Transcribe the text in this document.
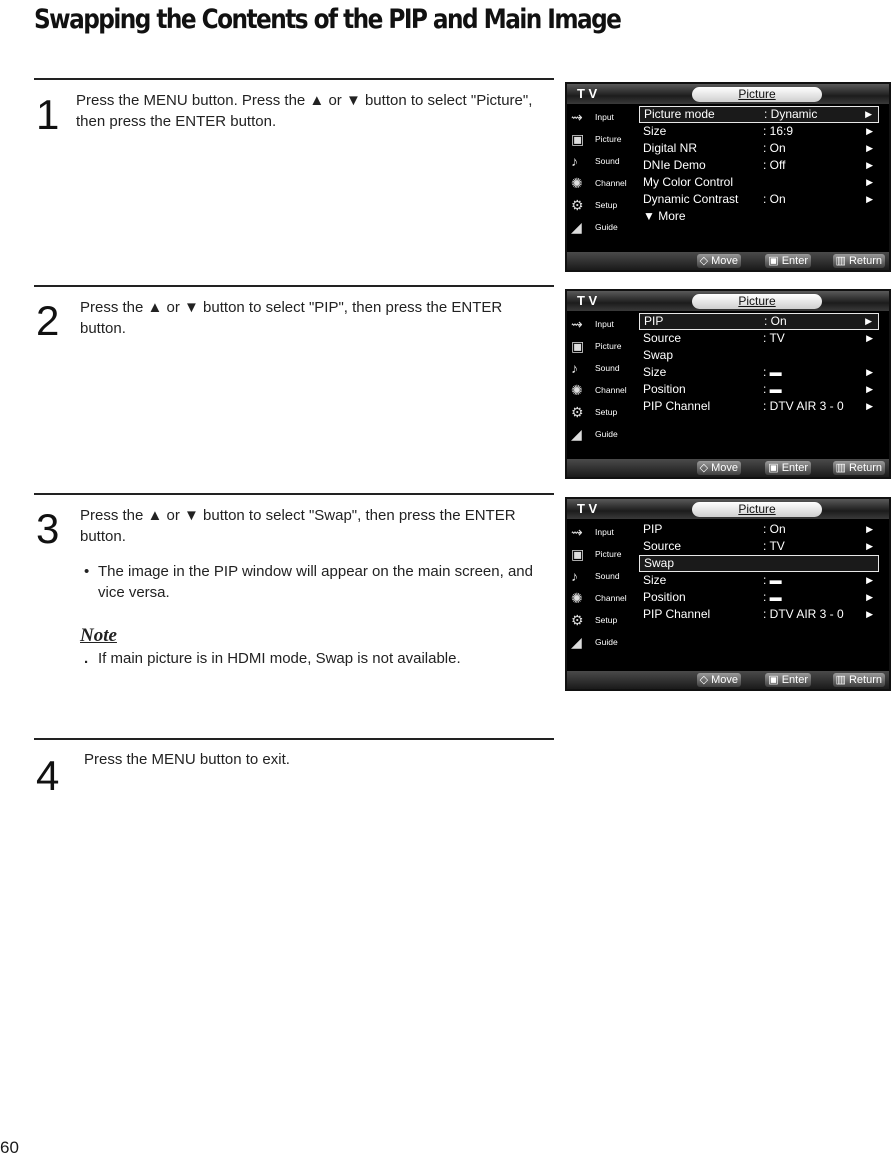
Swapping the Contents of the PIP and Main Image
1 Press the MENU button. Press the ▲ or ▼ button to select "Picture", then press the ENTER button.

2 Press the ▲ or ▼ button to select "PIP", then press the ENTER button.

3 Press the ▲ or ▼ button to select "Swap", then press the ENTER button.

• The image in the PIP window will appear on the main screen, and vice versa.
Note
. If main picture is in HDMI mode, Swap is not available.
4 Press the MENU button to exit.

60
T V	Picture
⇝ Input
▣ Picture
♪ Sound
✺ Channel
⚙ Setup
◢ Guide
Picture mode	: Dynamic	▶
Size	: 16:9	▶
Digital NR	: On	▶
DNIe Demo	: Off	▶
My Color Control	▶
Dynamic Contrast : On	▶
▼ More
◇ Move	▣ Enter	▥ Return
T V	Picture
⇝ Input
▣ Picture
♪ Sound
✺ Channel
⚙ Setup
◢ Guide
PIP	: On	▶
Source	: TV	▶
Swap
Size	: ▬	▶
Position	: ▬	▶
PIP Channel	: DTV AIR 3 - 0 ▶
◇ Move	▣ Enter	▥ Return
T V	Picture
⇝ Input
▣ Picture
♪ Sound
✺ Channel
⚙ Setup
◢ Guide
PIP	: On	▶
Source	: TV	▶
Swap
Size	: ▬	▶
Position	: ▬	▶
PIP Channel	: DTV AIR 3 - 0 ▶
◇ Move	▣ Enter	▥ Return
